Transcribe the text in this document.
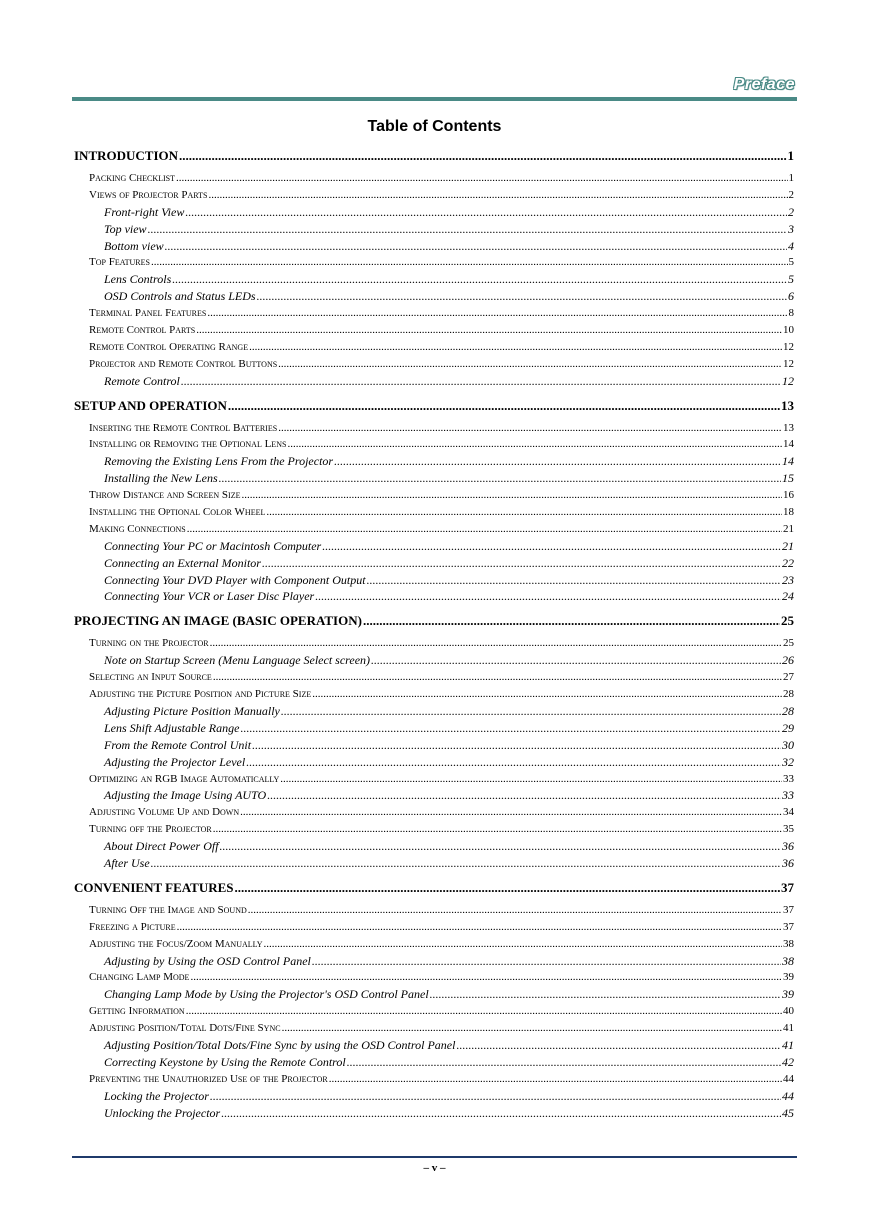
Preface
Table of Contents
INTRODUCTION .....	1
Packing Checklist .....	1
Views of Projector Parts .....	2
Front-right View .....	2
Top view .....	3
Bottom view .....	4
Top Features .....	5
Lens Controls .....	5
OSD Controls and Status LEDs .....	6
Terminal Panel Features .....	8
Remote Control Parts .....	10
Remote Control Operating Range .....	12
Projector and Remote Control Buttons .....	12
Remote Control .....	12
SETUP AND OPERATION .....	13
Inserting the Remote Control Batteries .....	13
Installing or Removing the Optional Lens .....	14
Removing the Existing Lens From the Projector .....	14
Installing the New Lens .....	15
Throw Distance and Screen Size .....	16
Installing the Optional Color Wheel .....	18
Making Connections .....	21
Connecting Your PC or Macintosh Computer .....	21
Connecting an External Monitor .....	22
Connecting Your DVD Player with Component Output .....	23
Connecting Your VCR or Laser Disc Player .....	24
PROJECTING AN IMAGE (BASIC OPERATION) .....	25
Turning on the Projector .....	25
Note on Startup Screen (Menu Language Select screen) .....	26
Selecting an Input Source .....	27
Adjusting the Picture Position and Picture Size .....	28
Adjusting Picture Position Manually .....	28
Lens Shift Adjustable Range .....	29
From the Remote Control Unit .....	30
Adjusting the Projector Level .....	32
Optimizing an RGB Image Automatically .....	33
Adjusting the Image Using AUTO .....	33
Adjusting Volume Up and Down .....	34
Turning off the Projector .....	35
About Direct Power Off .....	36
After Use .....	36
CONVENIENT FEATURES .....	37
Turning Off the Image and Sound .....	37
Freezing a Picture .....	37
Adjusting the Focus/Zoom Manually .....	38
Adjusting by Using the OSD Control Panel .....	38
Changing Lamp Mode .....	39
Changing Lamp Mode by Using the Projector's OSD Control Panel .....	39
Getting Information .....	40
Adjusting Position/Total Dots/Fine Sync .....	41
Adjusting Position/Total Dots/Fine Sync by using the OSD Control Panel .....	41
Correcting Keystone by Using the Remote Control .....	42
Preventing the Unauthorized Use of the Projector .....	44
Locking the Projector .....	44
Unlocking the Projector .....	45
– v –
